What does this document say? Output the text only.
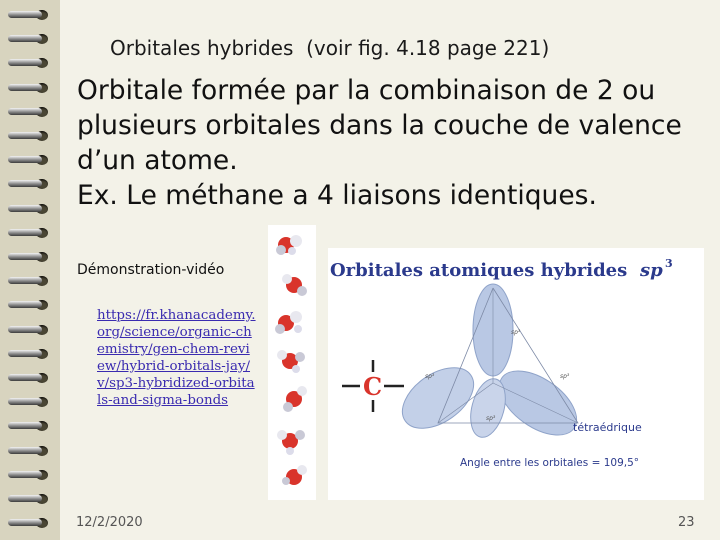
Orbitales hybrides  (voir fig. 4.18 page 221)

Orbitale formée par la combinaison de 2 ou plusieurs orbitales dans la couche de valence d’un atome.

Ex. Le méthane a 4 liaisons identiques.

Démonstration-vidéo
https://fr.khanacademy.org/science/organic-chemistry/gen-chem-review/hybrid-orbitals-jay/v/sp3-hybridized-orbitals-and-sigma-bonds
Orbitales atomiques hybrides sp 3
sp³
sp³	sp³
sp³
C
tétraédrique
Angle entre les orbitales = 109,5°
12/2/2020	23
